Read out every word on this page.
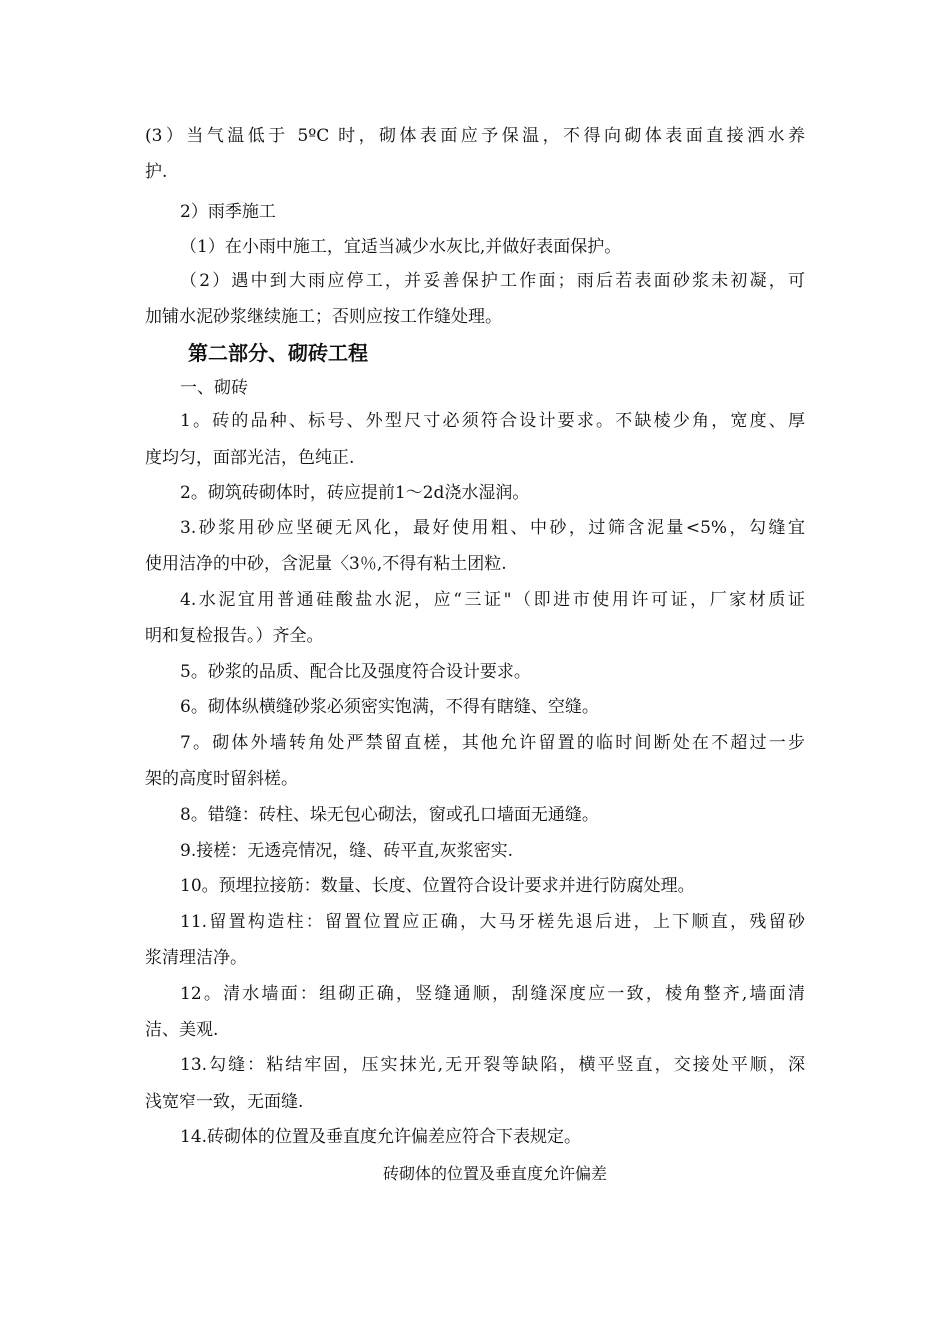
(3）当气温低于 5ºC 时，砌体表面应予保温，不得向砌体表面直接洒水养
护.
2）雨季施工
（1）在小雨中施工，宜适当减少水灰比,并做好表面保护。
（2）遇中到大雨应停工，并妥善保护工作面；雨后若表面砂浆未初凝，可
加铺水泥砂浆继续施工；否则应按工作缝处理。
第二部分、砌砖工程
一、砌砖
1。砖的品种、标号、外型尺寸必须符合设计要求。不缺棱少角，宽度、厚
度均匀，面部光洁，色纯正.
2。砌筑砖砌体时，砖应提前1～2d浇水湿润。
3.砂浆用砂应坚硬无风化，最好使用粗、中砂，过筛含泥量<5%，勾缝宜
使用洁净的中砂，含泥量〈3％,不得有粘土团粒.
4.水泥宜用普通硅酸盐水泥，应“三证"（即进市使用许可证，厂家材质证
明和复检报告。）齐全。
5。砂浆的品质、配合比及强度符合设计要求。
6。砌体纵横缝砂浆必须密实饱满，不得有瞎缝、空缝。
7。砌体外墙转角处严禁留直槎，其他允许留置的临时间断处在不超过一步
架的高度时留斜槎。
8。错缝：砖柱、垛无包心砌法，窗或孔口墙面无通缝。
9.接槎：无透亮情况，缝、砖平直,灰浆密实.
10。预埋拉接筋：数量、长度、位置符合设计要求并进行防腐处理。
11.留置构造柱：留置位置应正确，大马牙槎先退后进，上下顺直，残留砂
浆清理洁净。
12。清水墙面：组砌正确，竖缝通顺，刮缝深度应一致，棱角整齐,墙面清
洁、美观.
13.勾缝：粘结牢固，压实抹光,无开裂等缺陷，横平竖直，交接处平顺，深
浅宽窄一致，无面缝.
14.砖砌体的位置及垂直度允许偏差应符合下表规定。
砖砌体的位置及垂直度允许偏差
